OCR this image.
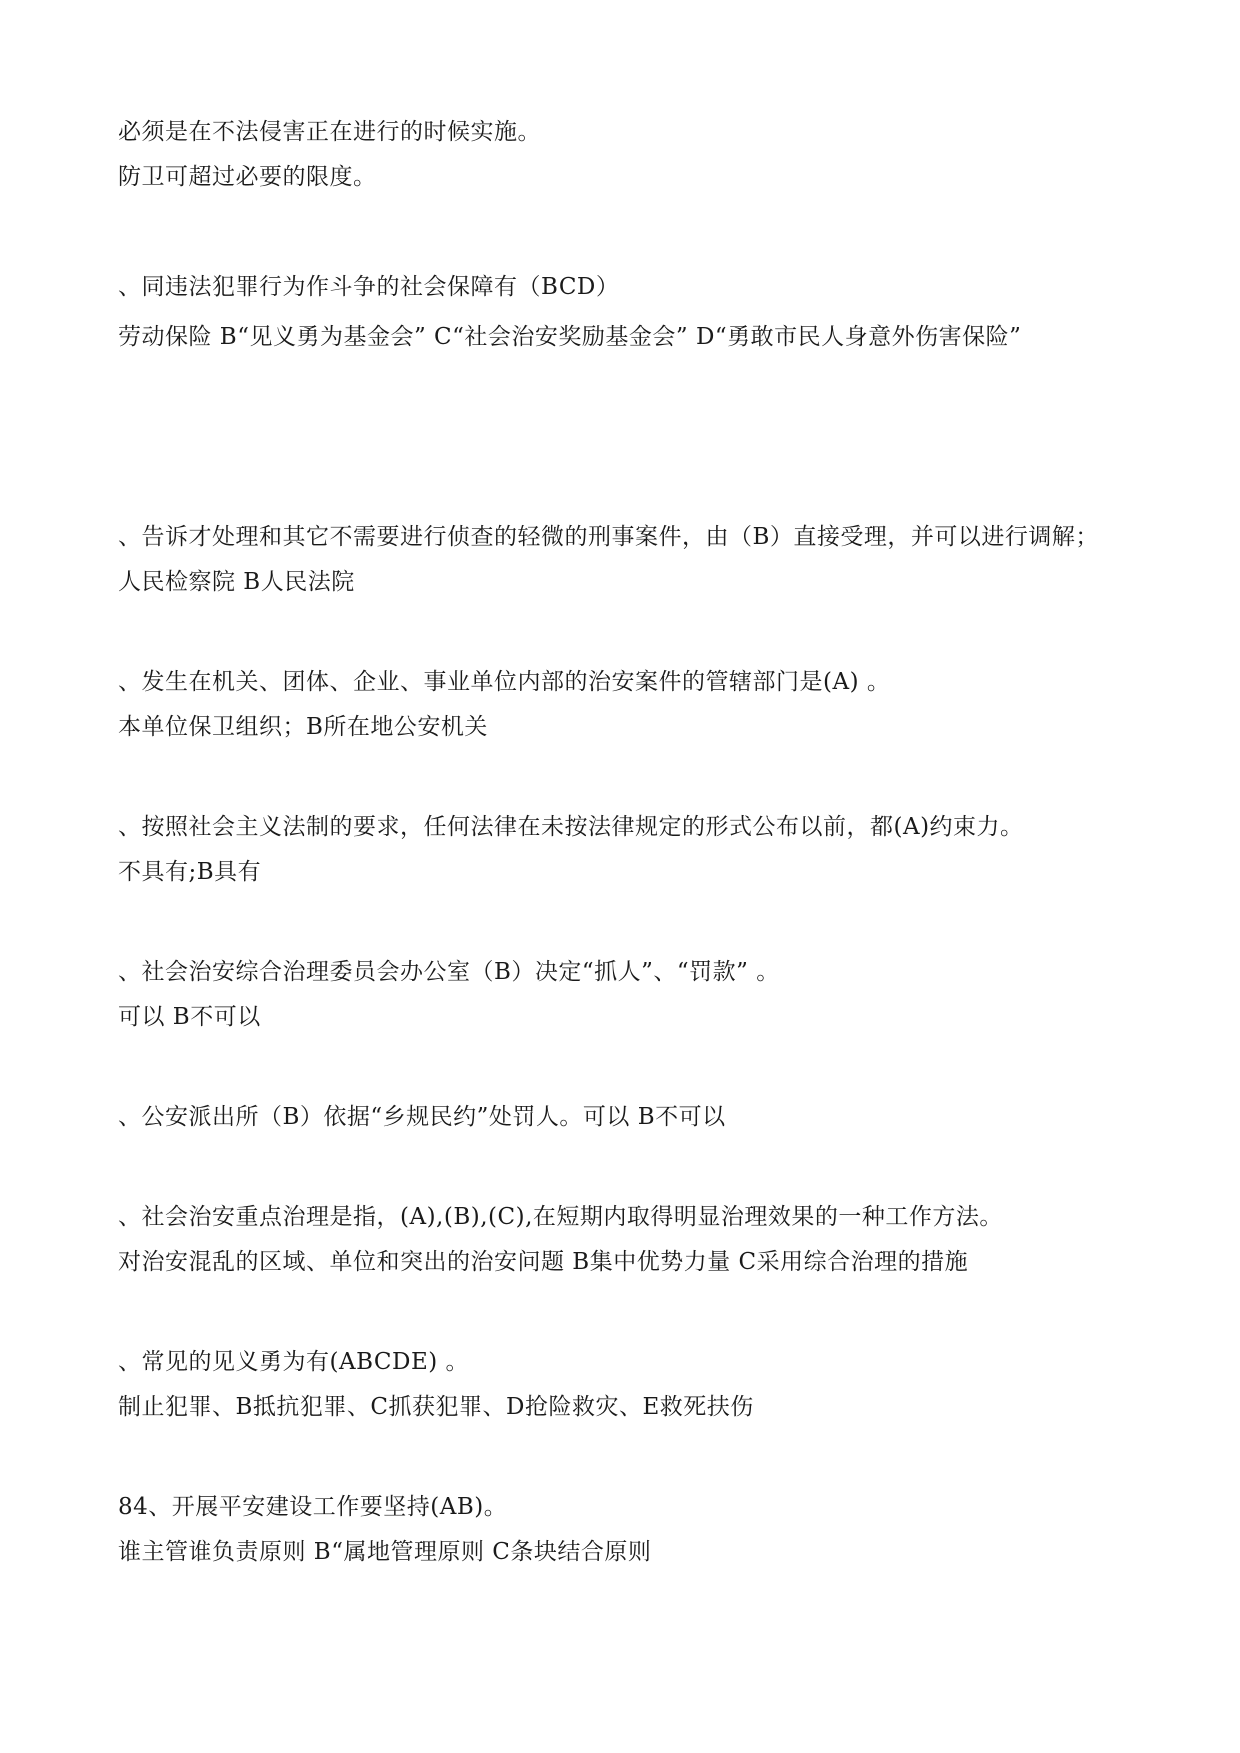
必须是在不法侵害正在进行的时候实施。
防卫可超过必要的限度。
、同违法犯罪行为作斗争的社会保障有（BCD）
劳动保险 B“见义勇为基金会” C“社会治安奖励基金会” D“勇敢市民人身意外伤害保险”
、告诉才处理和其它不需要进行侦查的轻微的刑事案件，由（B）直接受理，并可以进行调解；
人民检察院 B人民法院
、发生在机关、团体、企业、事业单位内部的治安案件的管辖部门是(A) 。
本单位保卫组织；B所在地公安机关
、按照社会主义法制的要求，任何法律在未按法律规定的形式公布以前，都(A)约束力。
不具有;B具有
、社会治安综合治理委员会办公室（B）决定“抓人”、“罚款” 。
可以 B不可以
、公安派出所（B）依据“乡规民约”处罚人。可以 B不可以
、社会治安重点治理是指，(A),(B),(C),在短期内取得明显治理效果的一种工作方法。
对治安混乱的区域、单位和突出的治安问题 B集中优势力量 C采用综合治理的措施
、常见的见义勇为有(ABCDE) 。
制止犯罪、B抵抗犯罪、C抓获犯罪、D抢险救灾、E救死扶伤
84、开展平安建设工作要坚持(AB)。
谁主管谁负责原则 B“属地管理原则 C条块结合原则
